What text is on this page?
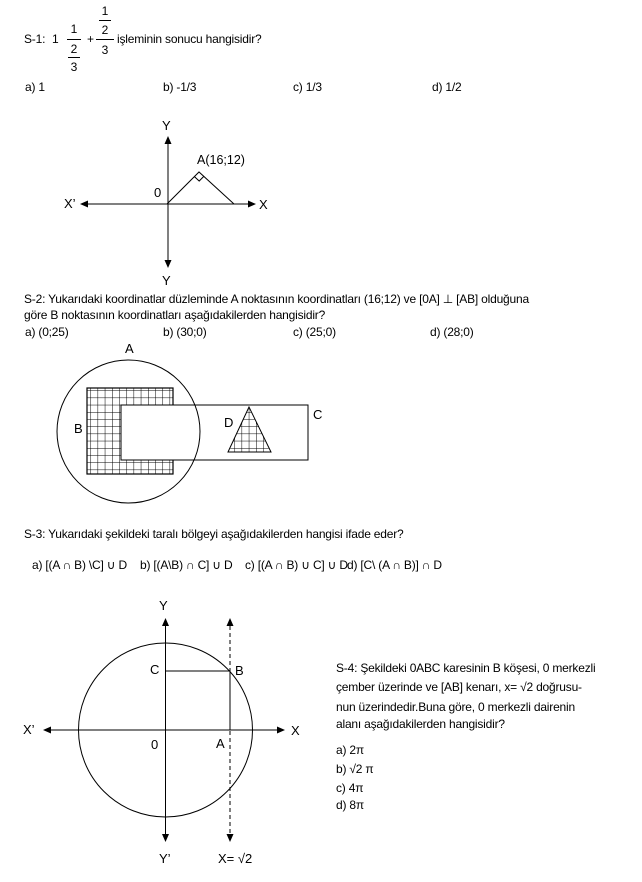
S-1: 1
1
2
3
+
1
2
3
işleminin sonucu hangisidir?
a) 1	b) -1/3	c) 1/3	d) 1/2
Y
Y
X’	X
0
A(16;12)
S-2: Yukarıdaki koordinatlar düzleminde A noktasının koordinatları (16;12) ve [0A] ⊥ [AB] olduğuna
göre B noktasının koordinatları aşağıdakilerden hangisidir?
a) (0;25)	b) (30;0)	c) (25;0)	d) (28;0)
A
B
C
D
S-3: Yukarıdaki şekildeki taralı bölgeyi aşağıdakilerden hangisi ifade eder?
a) [(A ∩ B) \C] ∪ D b) [(A\B) ∩ C] ∪ D c) [(A ∩ B) ∪ C] ∪ D d) [C\ (A ∩ B)] ∩ D
Y
Y’
X’	X
0	A
B
C
X= √2
S-4: Şekildeki 0ABC karesinin B köşesi, 0 merkezli
çember üzerinde ve [AB] kenarı, x= √2 doğrusu-
nun üzerindedir.Buna göre, 0 merkezli dairenin
alanı aşağıdakilerden hangisidir?
a) 2π
b) √2 π
c) 4π
d) 8π
